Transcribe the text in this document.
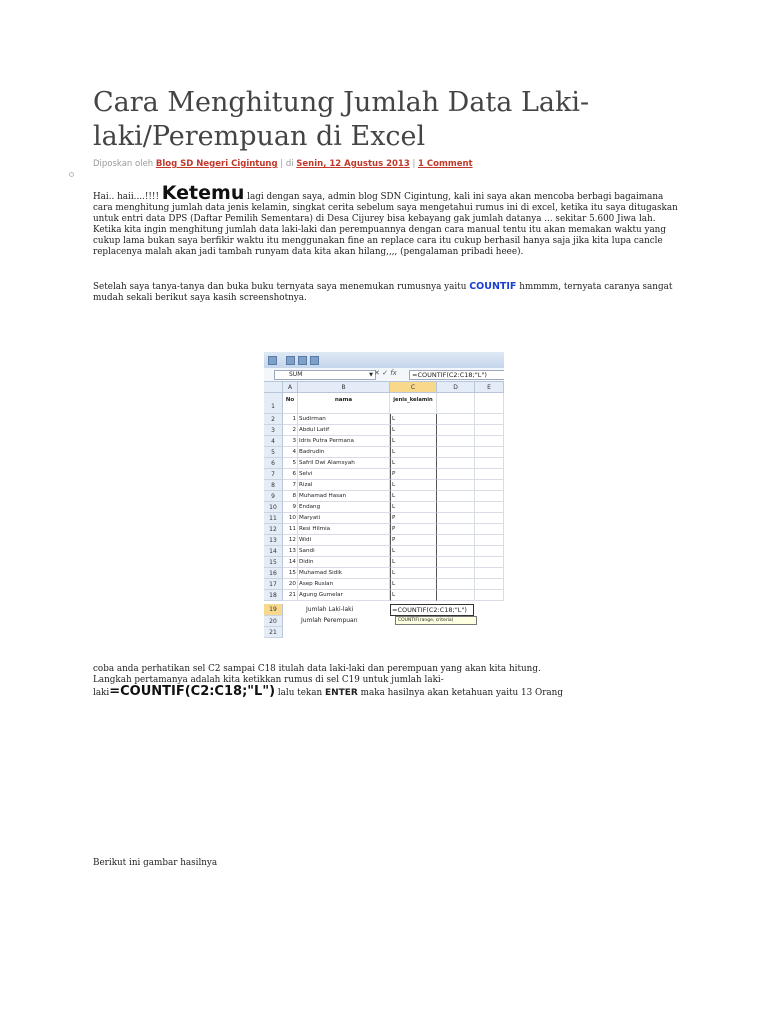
Cara Menghitung Jumlah Data Laki-laki/Perempuan di Excel
Diposkan oleh Blog SD Negeri Cigintung | di Senin, 12 Agustus 2013 | 1 Comment

Hai.. haii....!!!! Ketemu lagi dengan saya, admin blog SDN Cigintung, kali ini saya akan mencoba berbagi bagaimana cara menghitung jumlah data jenis kelamin, singkat cerita sebelum saya mengetahui rumus ini di excel, ketika itu saya ditugaskan untuk entri data DPS (Daftar Pemilih Sementara) di Desa Cijurey bisa kebayang gak jumlah datanya ... sekitar 5.600 Jiwa lah. Ketika kita ingin menghitung jumlah data laki-laki dan perempuannya dengan cara manual tentu itu akan memakan waktu yang cukup lama bukan saya berfikir waktu itu menggunakan fine an replace cara itu cukup berhasil hanya saja jika kita lupa cancle replacenya malah akan jadi tambah runyam data kita akan hilang,,,, (pengalaman pribadi heee).

Setelah saya tanya-tanya dan buka buku ternyata saya menemukan rumusnya yaitu COUNTIF hmmmm, ternyata caranya sangat mudah sekali berikut saya kasih screenshotnya.

SUM	▼ ✕ ✓ fx	=COUNTIF(C2:C18;"L")
A	B	C	D	E
1
No	nama	jenis_kelamin
2	1 Sudirman	L
3	2 Abdul Latif	L
4	3 Idris Putra Permana	L
5	4 Badrudin	L
6	5 Safril Dwi Alamsyah	L
7	6 Selvi	P
8	7 Rizal	L
9	8 Muhamad Hasan	L
10	9 Endang	L
11	10 Maryati	P
12	11 Resi Hilmia	P
13	12 Widi	P
14	13 Sandi	L
15	14 Didin	L
16	15 Muhamad Sidik	L
17	20 Asep Ruslan	L
18	21 Agung Gumelar	L
19	Jumlah Laki-laki	=COUNTIF(C2:C18;"L")
20	Jumlah Perempuan	COUNTIF(range, criteria)
21
coba anda perhatikan sel C2 sampai C18 itulah data laki-laki dan perempuan yang akan kita hitung.
Langkah pertamanya adalah kita ketikkan rumus di sel C19 untuk jumlah laki-
laki=COUNTIF(C2:C18;"L") lalu tekan ENTER maka hasilnya akan ketahuan yaitu 13 Orang

Berikut ini gambar hasilnya
